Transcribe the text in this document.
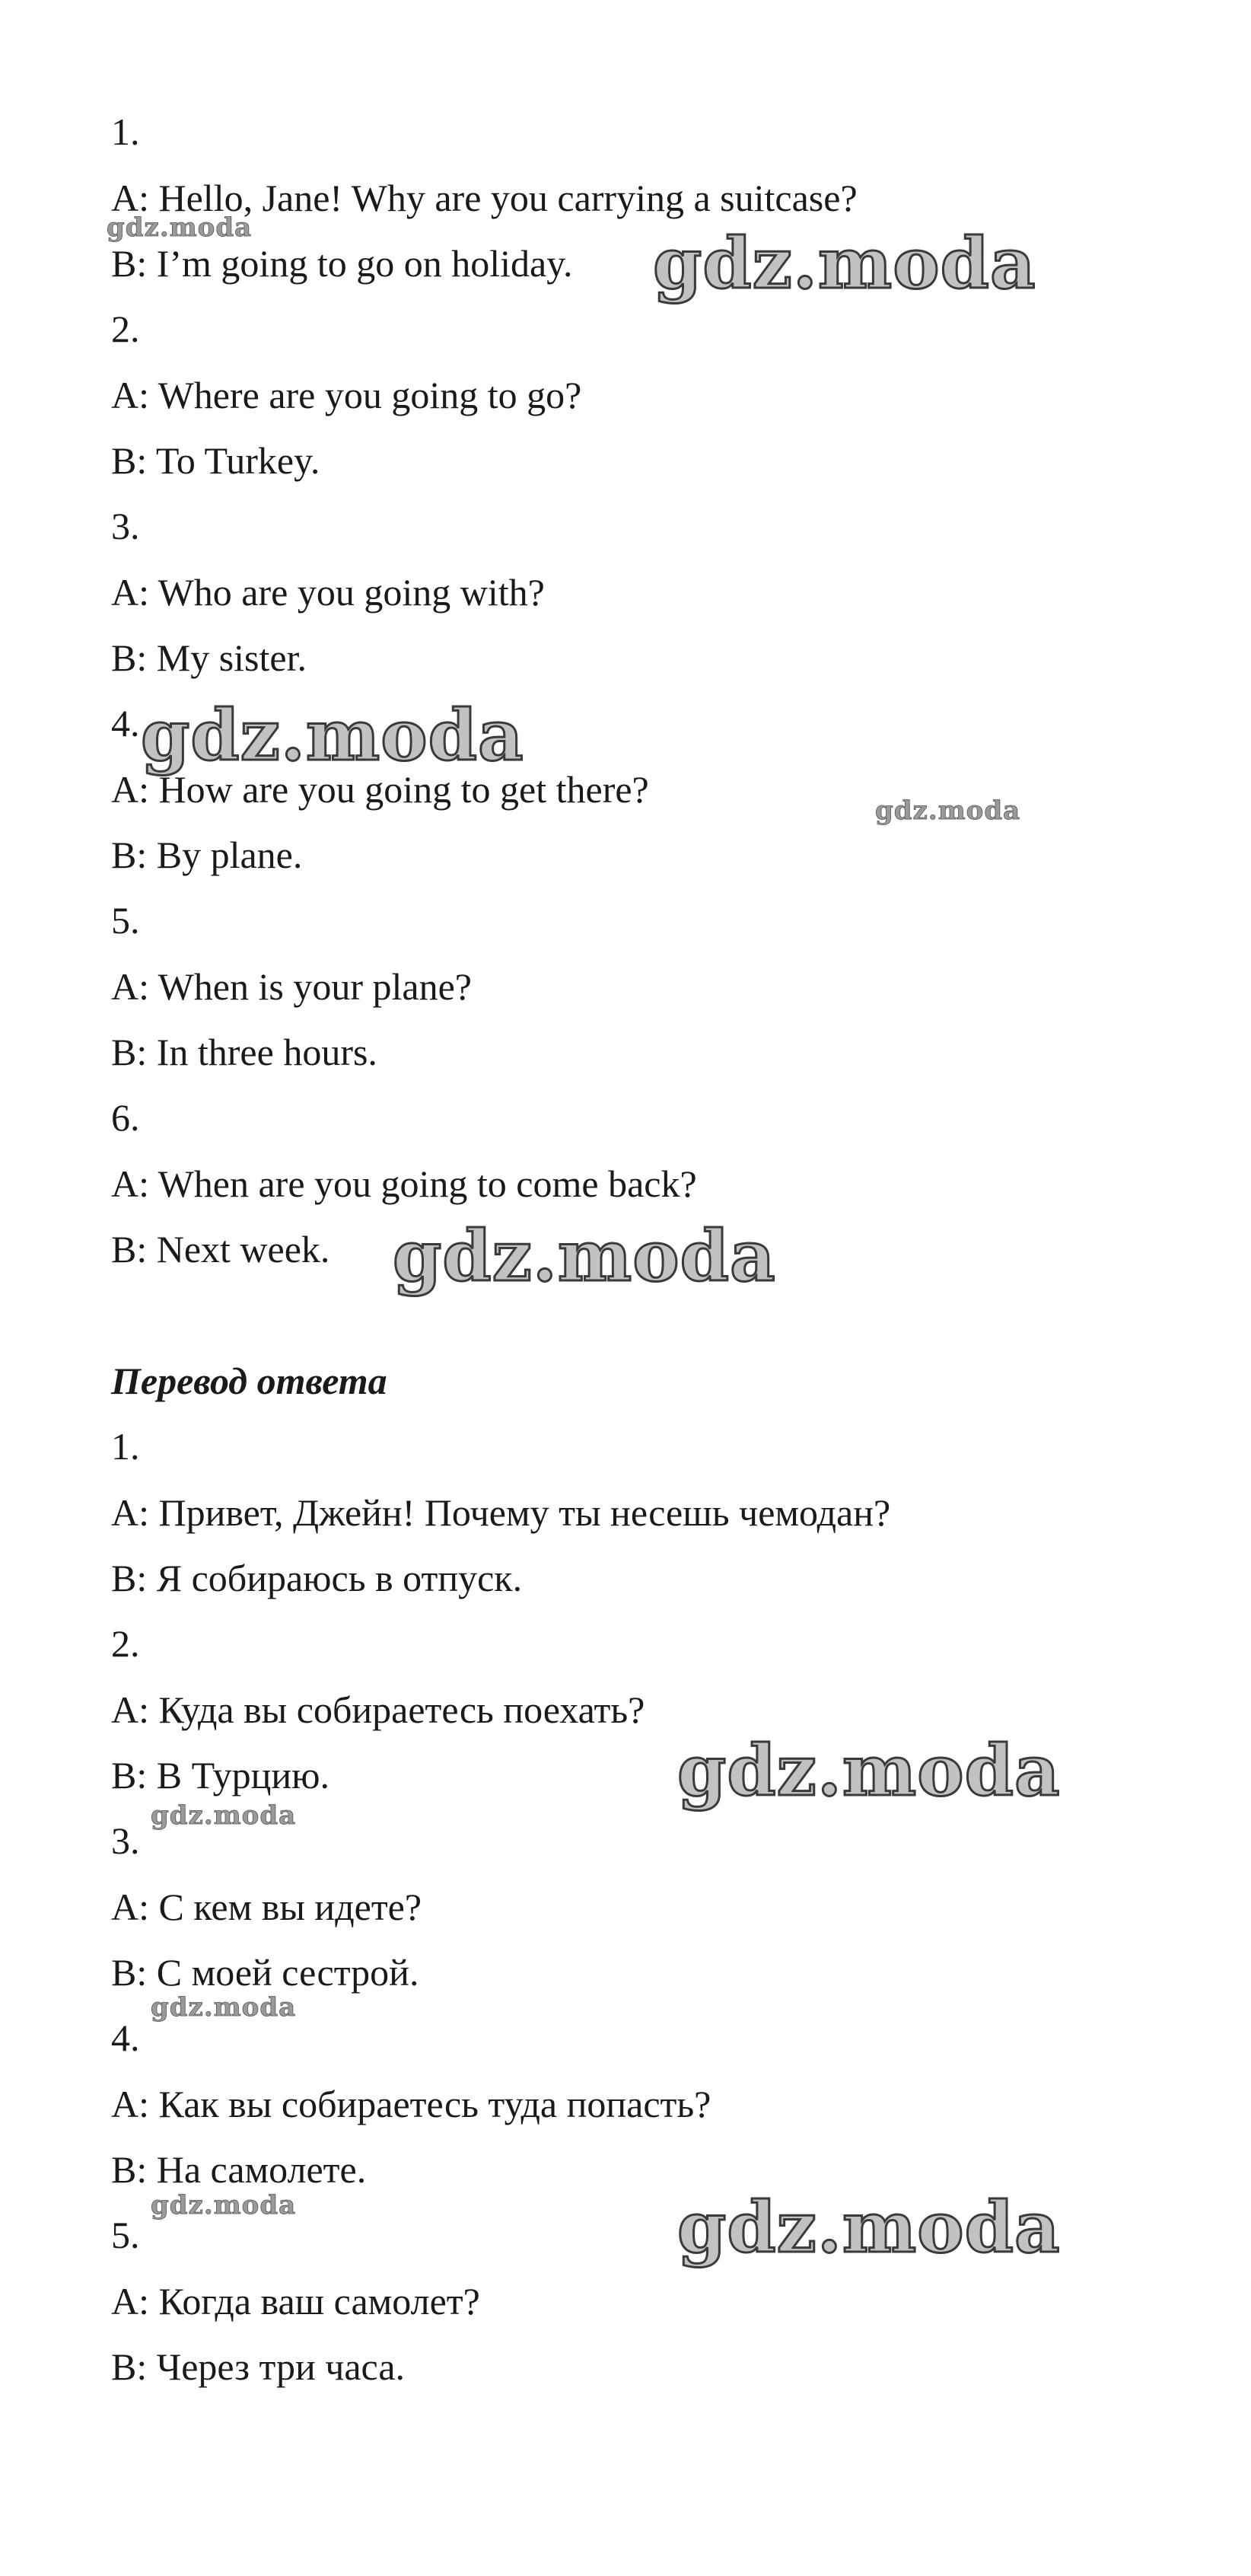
1.
A: Hello, Jane! Why are you carrying a suitcase?
B: I’m going to go on holiday.
2.
A: Where are you going to go?
B: To Turkey.
3.
A: Who are you going with?
B: My sister.
4.
A: How are you going to get there?
B: By plane.
5.
A: When is your plane?
B: In three hours.
6.
A: When are you going to come back?
B: Next week.
Перевод ответа
1.
A: Привет, Джейн! Почему ты несешь чемодан?
B: Я собираюсь в отпуск.
2.
A: Куда вы собираетесь поехать?
B: В Турцию.
3.
A: С кем вы идете?
B: С моей сестрой.
4.
A: Как вы собираетесь туда попасть?
B: На самолете.
5.
A: Когда ваш самолет?
B: Через три часа.
gdz.moda	gdz.moda
gdz.moda
gdz.moda
gdz.moda
gdz.moda
gdz.moda
gdz.moda
gdz.moda	gdz.moda
